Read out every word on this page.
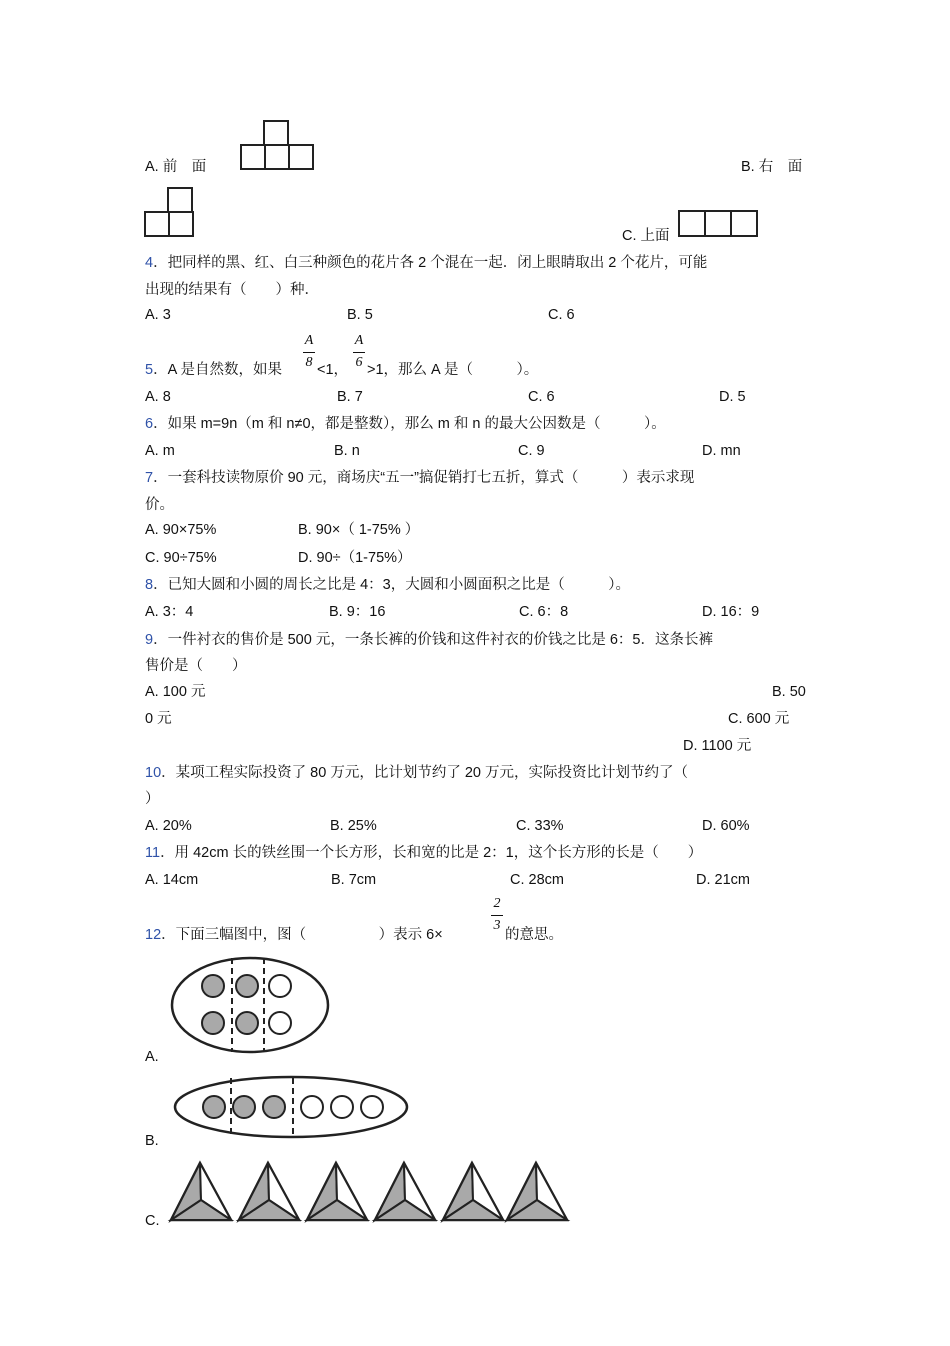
A. 前　面	B. 右　面
C. 上面
4．把同样的黑、红、白三种颜色的花片各 2 个混在一起．闭上眼睛取出 2 个花片，可能
出现的结果有（　　）种．
A. 3	B. 5	C. 6
5．A 是自然数，如果
A
8 <1，
A
6 >1，那么 A 是（　　　）。
A. 8	B. 7	C. 6	D. 5
6．如果 m=9n（m 和 n≠0，都是整数），那么 m 和 n 的最大公因数是（　　　）。
A. m	B. n	C. 9	D. mn
7．一套科技读物原价 90 元，商场庆“五一”搞促销打七五折，算式（　　　）表示求现
价。
A. 90×75%	B. 90×（ 1-75% ）
C. 90÷75%	D. 90÷（1-75%）
8．已知大圆和小圆的周长之比是 4：3，大圆和小圆面积之比是（　　　）。
A. 3：4	B. 9：16	C. 6：8	D. 16：9
9．一件衬衣的售价是 500 元，一条长裤的价钱和这件衬衣的价钱之比是 6：5．这条长裤
售价是（　　）
A. 100 元	B. 50
0 元	C. 600 元
D. 1100 元
10．某项工程实际投资了 80 万元，比计划节约了 20 万元，实际投资比计划节约了（
）
A. 20%	B. 25%	C. 33%	D. 60%
11．用 42cm 长的铁丝围一个长方形，长和宽的比是 2：1，这个长方形的长是（　　）
A. 14cm	B. 7cm	C. 28cm	D. 21cm
12．下面三幅图中，图（　　　　　）表示 6×
2
3
的意思。
A.
B.
C.
